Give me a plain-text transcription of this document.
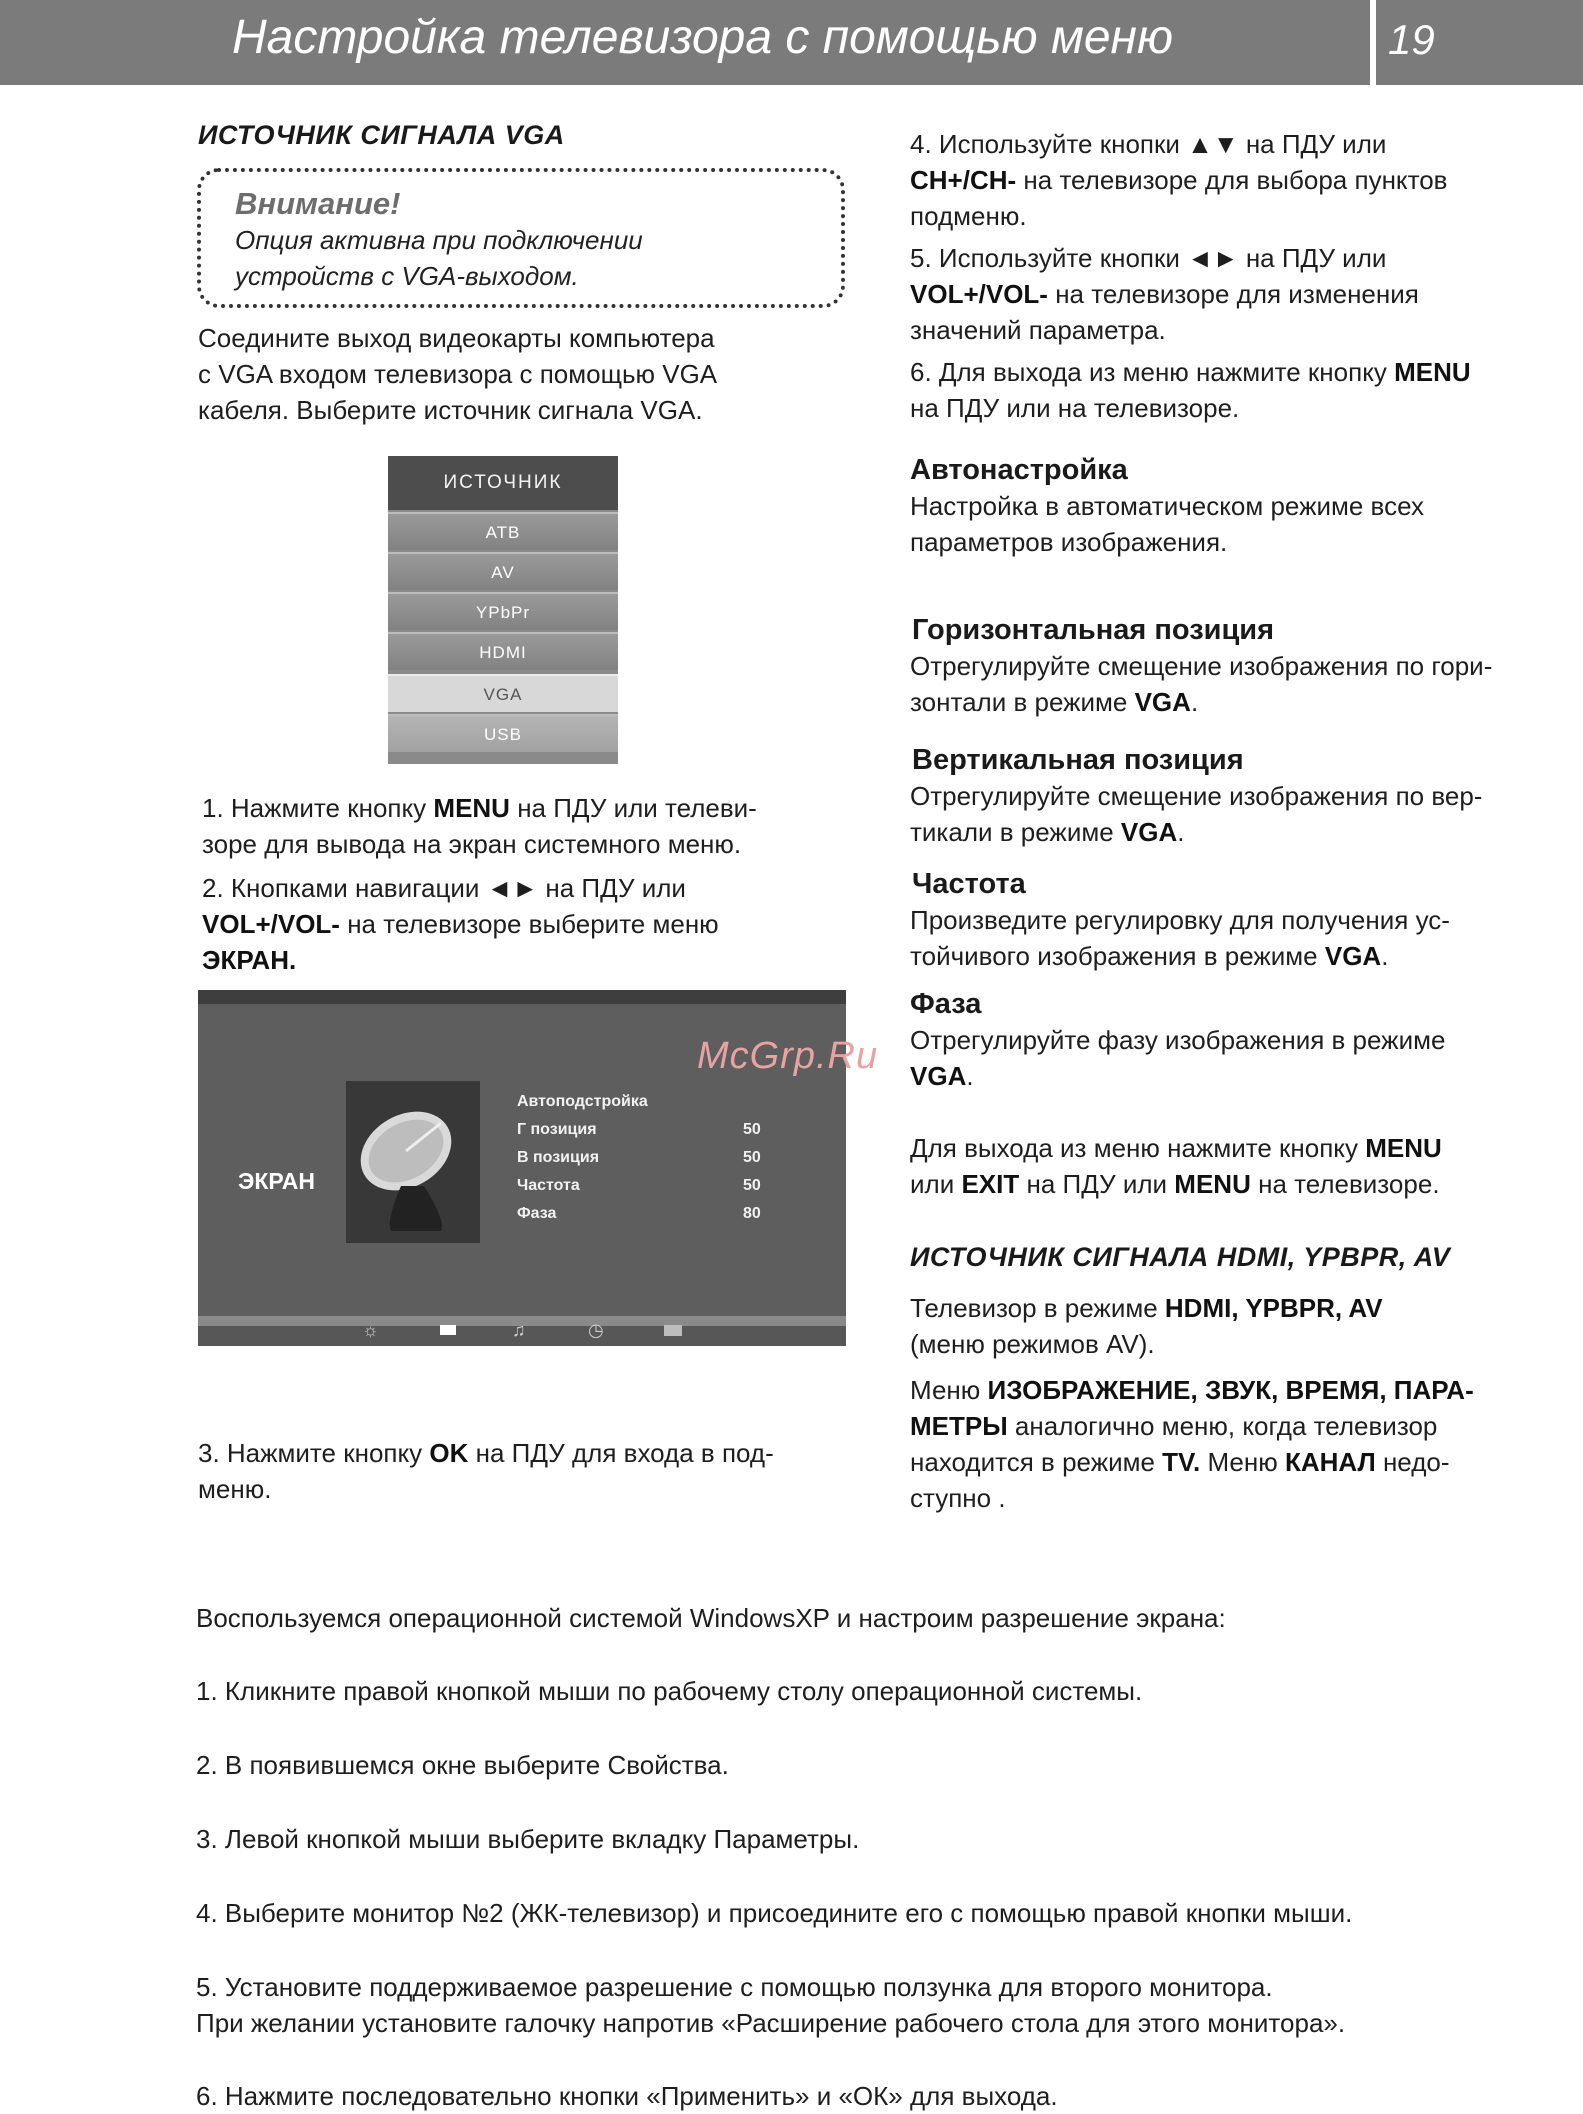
Настройка телевизора с помощью меню	19
ИСТОЧНИК СИГНАЛА VGA
Внимание!
Опция активна при подключении
устройств с VGA-выходом.
Соедините выход видеокарты компьютера
с VGA входом телевизора с помощью VGA
кабеля. Выберите источник сигнала VGA.
ИСТОЧНИК
АТВ
AV
YPbPr
HDMI
VGA
USB
1. Нажмите кнопку MENU на ПДУ или телеви-
зоре для вывода на экран системного меню.
2. Кнопками навигации ◄► на ПДУ или
VOL+/VOL- на телевизоре выберите меню
ЭКРАН.
ЭКРАН
Автоподстройка
Г позиция	50
В позиция	50
Частота	50
Фаза	80
☼	♫	◷
3. Нажмите кнопку OK на ПДУ для входа в под-
меню.
4. Используйте кнопки ▲▼ на ПДУ или
CH+/CH- на телевизоре для выбора пунктов
подменю.
5. Используйте кнопки ◄► на ПДУ или
VOL+/VOL- на телевизоре для изменения
значений параметра.
6. Для выхода из меню нажмите кнопку MENU
на ПДУ или на телевизоре.
Автонастройка
Настройка в автоматическом режиме всех
параметров изображения.
Горизонтальная позиция
Отрегулируйте смещение изображения по гори-
зонтали в режиме VGA.
Вертикальная позиция
Отрегулируйте смещение изображения по вер-
тикали в режиме VGA.
Частота
Произведите регулировку для получения ус-
тойчивого изображения в режиме VGA.
Фаза
Отрегулируйте фазу изображения в режиме
VGA.
Для выхода из меню нажмите кнопку MENU
или EXIT на ПДУ или MENU на телевизоре.
ИСТОЧНИК СИГНАЛА HDMI, YPBPR, AV
Телевизор в режиме HDMI, YPBPR, AV
(меню режимов AV).
Меню ИЗОБРАЖЕНИЕ, ЗВУК, ВРЕМЯ, ПАРА-
МЕТРЫ аналогично меню, когда телевизор
находится в режиме TV. Меню КАНАЛ недо-
ступно .
Воспользуемся операционной системой WindowsXP и настроим разрешение экрана:
1. Кликните правой кнопкой мыши по рабочему столу операционной системы.
2. В появившемся окне выберите Свойства.
3. Левой кнопкой мыши выберите вкладку Параметры.
4. Выберите монитор №2 (ЖК-телевизор) и присоедините его с помощью правой кнопки мыши.
5. Установите поддерживаемое разрешение с помощью ползунка для второго монитора.
При желании установите галочку напротив «Расширение рабочего стола для этого монитора».
6. Нажмите последовательно кнопки «Применить» и «ОК» для выхода.
McGrp.Ru
